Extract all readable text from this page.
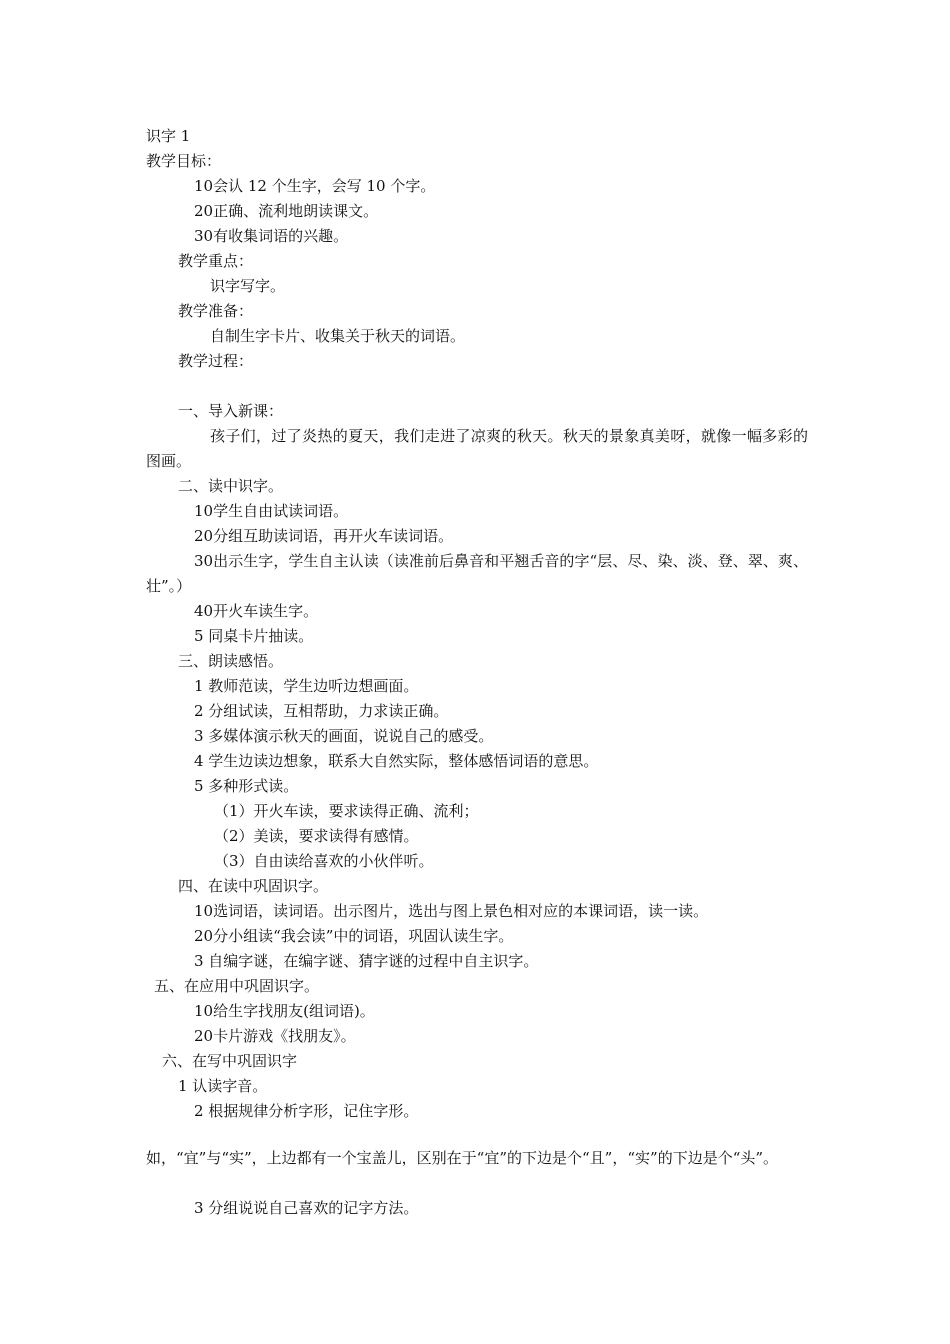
识字 1
教学目标：
10会认 12 个生字，会写 10 个字。
20正确、流利地朗读课文。
30有收集词语的兴趣。
教学重点：
识字写字。
教学准备：
自制生字卡片、收集关于秋天的词语。
教学过程：
一、导入新课：
孩子们，过了炎热的夏天，我们走进了凉爽的秋天。秋天的景象真美呀，就像一幅多彩的图画。
二、读中识字。
10学生自由试读词语。
20分组互助读词语，再开火车读词语。
30出示生字，学生自主认读（读准前后鼻音和平翘舌音的字“层、尽、染、淡、登、翠、爽、壮”。）
40开火车读生字。
5 同桌卡片抽读。
三、朗读感悟。
1 教师范读，学生边听边想画面。
2 分组试读，互相帮助，力求读正确。
3 多媒体演示秋天的画面，说说自己的感受。
4 学生边读边想象，联系大自然实际，整体感悟词语的意思。
5 多种形式读。
（1）开火车读，要求读得正确、流利；
（2）美读，要求读得有感情。
（3）自由读给喜欢的小伙伴听。
四、在读中巩固识字。
10选词语，读词语。出示图片，选出与图上景色相对应的本课词语，读一读。
20分小组读“我会读”中的词语，巩固认读生字。
3 自编字谜，在编字谜、猜字谜的过程中自主识字。
五、在应用中巩固识字。
10给生字找朋友(组词语)。
20卡片游戏《找朋友》。
六、在写中巩固识字
1 认读字音。
2 根据规律分析字形，记住字形。
如，“宜”与“实”，上边都有一个宝盖儿，区别在于“宜”的下边是个“且”，“实”的下边是个“头”。
3 分组说说自己喜欢的记字方法。
